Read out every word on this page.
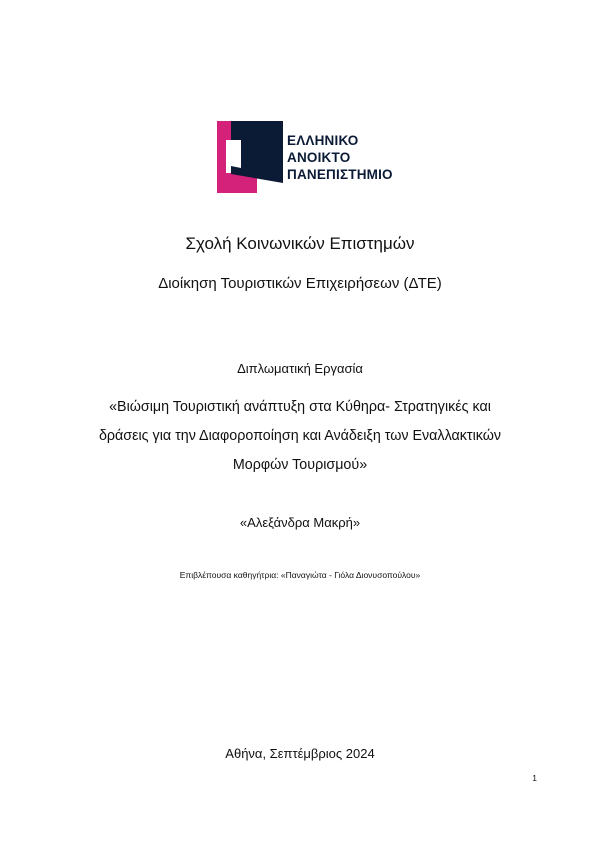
ΕΛΛΗΝΙΚΟ
ΑΝΟΙΚΤΟ
ΠΑΝΕΠΙΣΤΗΜΙΟ
Σχολή Κοινωνικών Επιστημών
Διοίκηση Τουριστικών Επιχειρήσεων (ΔΤΕ)
Διπλωματική Εργασία
«Βιώσιμη Τουριστική ανάπτυξη στα Κύθηρα- Στρατηγικές και
δράσεις για την Διαφοροποίηση και Ανάδειξη των Εναλλακτικών
Μορφών Τουρισμού»
«Αλεξάνδρα Μακρή»
Επιβλέπουσα καθηγήτρια: «Παναγιώτα - Γιόλα Διονυσοπούλου»
Αθήνα, Σεπτέμβριος 2024
1
